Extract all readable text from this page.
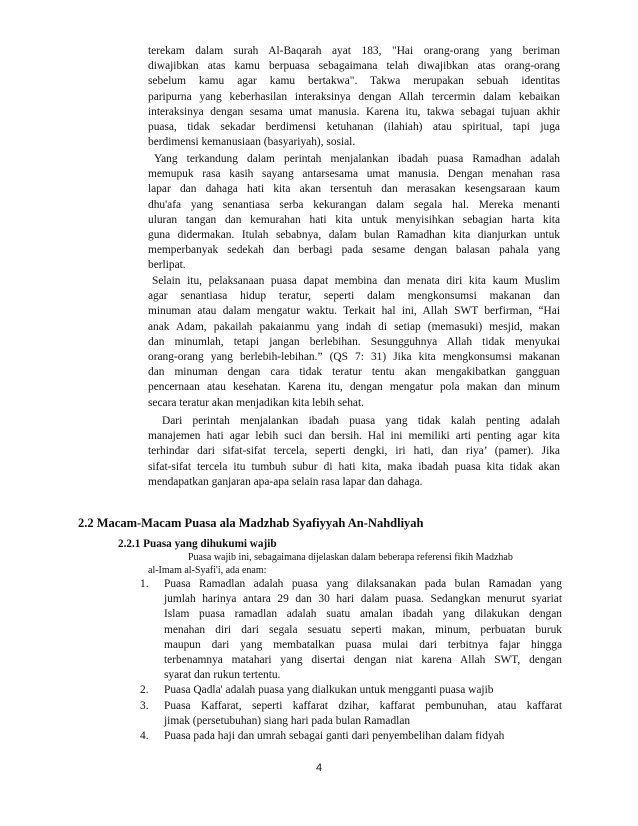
terekam dalam surah Al-Baqarah ayat 183, "Hai orang-orang yang beriman
diwajibkan atas kamu berpuasa sebagaimana telah diwajibkan atas orang-orang
sebelum kamu agar kamu bertakwa". Takwa merupakan sebuah identitas
paripurna yang keberhasilan interaksinya dengan Allah tercermin dalam kebaikan
interaksinya dengan sesama umat manusia. Karena itu, takwa sebagai tujuan akhir
puasa, tidak sekadar berdimensi ketuhanan (ilahiah) atau spiritual, tapi juga
berdimensi kemanusiaan (basyariyah), sosial.
Yang terkandung dalam perintah menjalankan ibadah puasa Ramadhan adalah
memupuk rasa kasih sayang antarsesama umat manusia. Dengan menahan rasa
lapar dan dahaga hati kita akan tersentuh dan merasakan kesengsaraan kaum
dhu'afa yang senantiasa serba kekurangan dalam segala hal. Mereka menanti
uluran tangan dan kemurahan hati kita untuk menyisihkan sebagian harta kita
guna didermakan. Itulah sebabnya, dalam bulan Ramadhan kita dianjurkan untuk
memperbanyak sedekah dan berbagi pada sesame dengan balasan pahala yang
berlipat.
Selain itu, pelaksanaan puasa dapat membina dan menata diri kita kaum Muslim
agar senantiasa hidup teratur, seperti dalam mengkonsumsi makanan dan
minuman atau dalam mengatur waktu. Terkait hal ini, Allah SWT berfirman, “Hai
anak Adam, pakailah pakaianmu yang indah di setiap (memasuki) mesjid, makan
dan minumlah, tetapi jangan berlebihan. Sesungguhnya Allah tidak menyukai
orang-orang yang berlebih-lebihan.” (QS 7: 31) Jika kita mengkonsumsi makanan
dan minuman dengan cara tidak teratur tentu akan mengakibatkan gangguan
pencernaan atau kesehatan. Karena itu, dengan mengatur pola makan dan minum
secara teratur akan menjadikan kita lebih sehat.
Dari perintah menjalankan ibadah puasa yang tidak kalah penting adalah
manajemen hati agar lebih suci dan bersih. Hal ini memiliki arti penting agar kita
terhindar dari sifat-sifat tercela, seperti dengki, iri hati, dan riya’ (pamer). Jika
sifat-sifat tercela itu tumbuh subur di hati kita, maka ibadah puasa kita tidak akan
mendapatkan ganjaran apa-apa selain rasa lapar dan dahaga.
2.2 Macam-Macam Puasa ala Madzhab Syafiyyah An-Nahdliyah
2.2.1 Puasa yang dihukumi wajib
Puasa wajib ini, sebagaimana dijelaskan dalam beberapa referensi fikih Madzhab
al-Imam al-Syafi'i, ada enam:
1. Puasa Ramadlan adalah puasa yang dilaksanakan pada bulan Ramadan yang
jumlah harinya antara 29 dan 30 hari dalam puasa. Sedangkan menurut syariat
Islam puasa ramadlan adalah suatu amalan ibadah yang dilakukan dengan
menahan diri dari segala sesuatu seperti makan, minum, perbuatan buruk
maupun dari yang membatalkan puasa mulai dari terbitnya fajar hingga
terbenamnya matahari yang disertai dengan niat karena Allah SWT, dengan
syarat dan rukun tertentu.
2. Puasa Qadla' adalah puasa yang dialkukan untuk mengganti puasa wajib
3. Puasa Kaffarat, seperti kaffarat dzihar, kaffarat pembunuhan, atau kaffarat
jimak (persetubuhan) siang hari pada bulan Ramadlan
4. Puasa pada haji dan umrah sebagai ganti dari penyembelihan dalam fidyah
4
